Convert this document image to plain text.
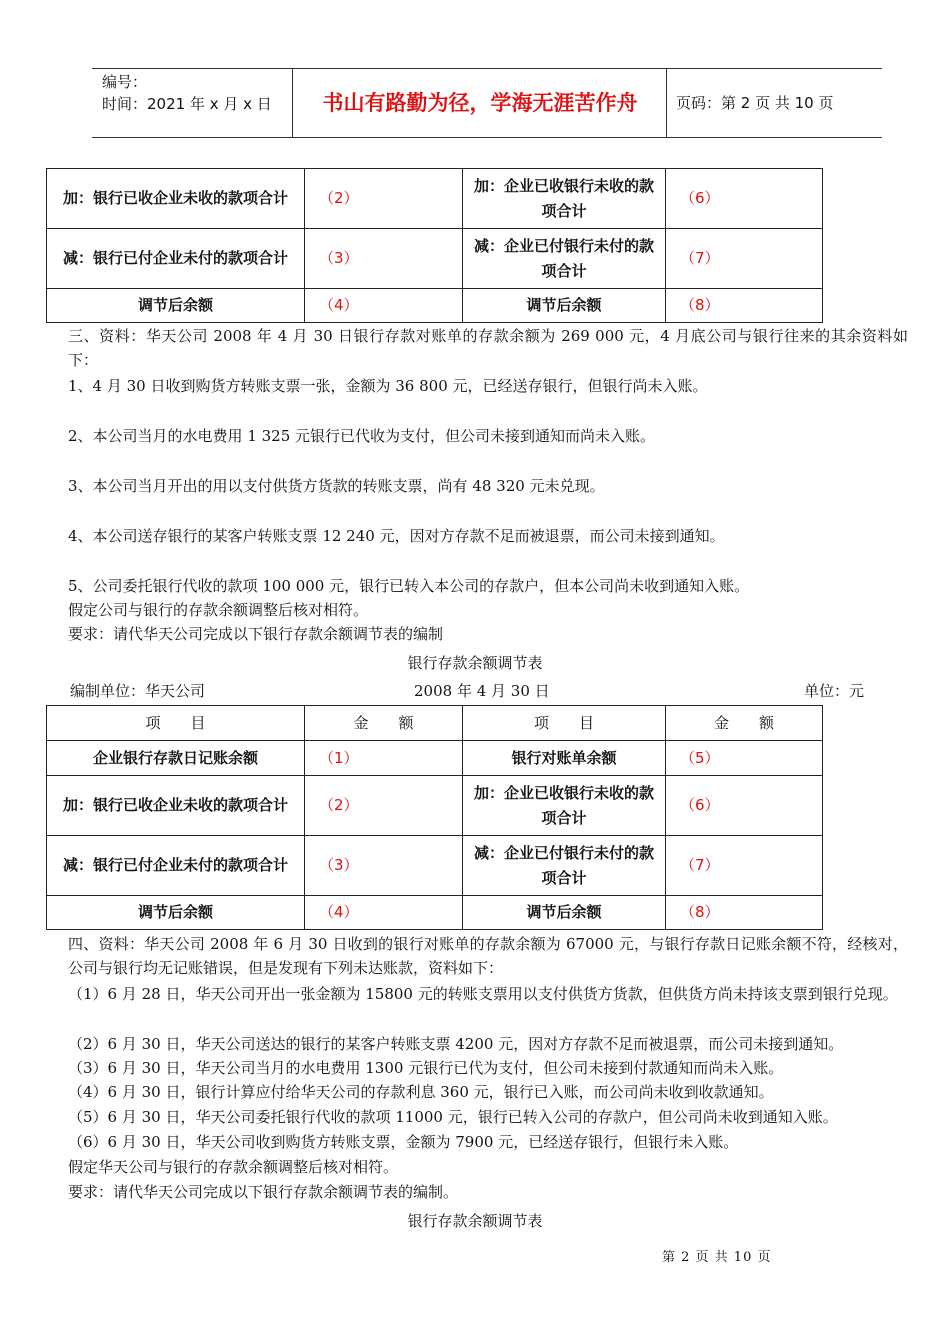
编号：
时间：2021 年 x 月 x 日	书山有路勤为径，学海无涯苦作舟	页码：第 2 页 共 10 页
加：银行已收企业未收的款项合计	（2）	加：企业已收银行未收的款项合计	（6）
减：银行已付企业未付的款项合计	（3）	减：企业已付银行未付的款项合计	（7）
调节后余额	（4）	调节后余额	（8）
三、资料：华天公司 2008 年 4 月 30 日银行存款对账单的存款余额为 269 000 元，4 月底公司与银行往来的其余资料如下：
1、4 月 30 日收到购货方转账支票一张，金额为 36 800 元，已经送存银行，但银行尚未入账。
2、本公司当月的水电费用 1 325 元银行已代收为支付，但公司未接到通知而尚未入账。
3、本公司当月开出的用以支付供货方货款的转账支票，尚有 48 320 元未兑现。
4、本公司送存银行的某客户转账支票 12 240 元，因对方存款不足而被退票，而公司未接到通知。
5、公司委托银行代收的款项 100 000 元，银行已转入本公司的存款户，但本公司尚未收到通知入账。
假定公司与银行的存款余额调整后核对相符。
要求：请代华天公司完成以下银行存款余额调节表的编制
银行存款余额调节表
编制单位：华天公司	2008 年 4 月 30 日	单位：元
项　　目	金　　额	项　　目	金　　额
企业银行存款日记账余额	（1）	银行对账单余额	（5）
加：银行已收企业未收的款项合计	（2）	加：企业已收银行未收的款项合计	（6）
减：银行已付企业未付的款项合计	（3）	减：企业已付银行未付的款项合计	（7）
调节后余额	（4）	调节后余额	（8）
四、资料：华天公司 2008 年 6 月 30 日收到的银行对账单的存款余额为 67000 元，与银行存款日记账余额不符，经核对，公司与银行均无记账错误，但是发现有下列未达账款，资料如下：
（1）6 月 28 日，华天公司开出一张金额为 15800 元的转账支票用以支付供货方货款，但供货方尚未持该支票到银行兑现。
（2）6 月 30 日，华天公司送达的银行的某客户转账支票 4200 元，因对方存款不足而被退票，而公司未接到通知。
（3）6 月 30 日，华天公司当月的水电费用 1300 元银行已代为支付，但公司未接到付款通知而尚未入账。
（4）6 月 30 日，银行计算应付给华天公司的存款利息 360 元，银行已入账，而公司尚未收到收款通知。
（5）6 月 30 日，华天公司委托银行代收的款项 11000 元，银行已转入公司的存款户，但公司尚未收到通知入账。
（6）6 月 30 日，华天公司收到购货方转账支票，金额为 7900 元，已经送存银行，但银行未入账。
假定华天公司与银行的存款余额调整后核对相符。
要求：请代华天公司完成以下银行存款余额调节表的编制。
银行存款余额调节表
第 2 页 共 10 页
